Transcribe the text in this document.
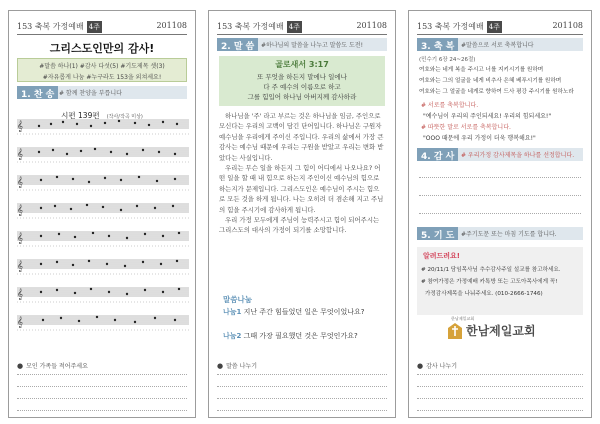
153 축복 가정예배 4주	201108
그리스도인만의 감사!
#말씀 하나(1) #감사 다섯(5) #기도제목 셋(3)
#자유롭게 나눔 #누구라도 153을 외쳐세요!
1. 찬 송 # 함께 찬양을 부릅니다
시편 139편 (작사/작곡 미상)
𝄞
𝄞
𝄞
𝄞
𝄞
𝄞
𝄞
𝄞
● 모인 가족들 적어주세요
153 축복 가정예배 4주	201108
2. 말 씀	#하나님의 말씀을 나누고 말씀도 도전!
골로새서 3:17
또 무엇을 하든지 말에나 일에나
다 주 예수의 이름으로 하고
그를 힘입어 하나님 아버지께 감사하라

하나님을 '주' 라고 부르는 것은 하나님을 임금, 주인으로 모신다는 우리의 고백이 담긴 단어입니다. 하나님은 구원자 예수님을 우리에게 주이신 주입니다. 우리의 삶에서 가장 큰 감사는 예수님 때문에 우리는 구원을 받았고 우리는 변화 받았다는 사실입니다.

우리는 무슨 일을 하든지 그 힘이 어디에서 나오나요? 어떤 일을 할 때 내 힘으로 하는지 주인이신 예수님의 힘으로 하는지가 문제입니다. 그리스도인은 예수님이 주시는 힘으로 모든 것을 하게 됩니다. 나는 오히려 더 겸손해 지고 주님의 힘을 주시기에 감사하게 됩니다.

우리 가정 모두에게 주님이 능력주시고 힘이 되어주시는 그리스도의 대사의 가정이 되기를 소망합니다.

말씀나눔
나눔1 지난 주간 힘들었던 일은 무엇이었나요?
나눔2 그때 가장 필요했던 것은 무엇인가요?
● 말씀 나누기
153 축복 가정예배 4주	201108
3. 축 복	#말씀으로 서로 축복합니다
(민수기 6장 24~26절)
여호와는 네게 복을 주시고 너를 지키시기를 원하며
여호와는 그의 얼굴을 네게 비추사 은혜 베푸시기를 원하며
여호와는 그 얼굴을 네게로 향하여 드사 평강 주시기를 원하노라
# 서로를 축복합니다.
"예수님이 우리의 주인되세요! 우리의 힘되세요!"
# 따뜻한 말로 서로를 축복합니다.
"OOO 때문에 우리 가정이 더욱 행복해요!"
4. 감 사	# 우리가정 감사제목을 하나를 선정합니다.
5. 기 도	#주기도문 또는 마침 기도를 합니다.
알려드려요!
# 20/11/1 담임목사님 추수감사주일 설교를 참고하세요.
# 참여가정은 가정예배 카톡방 또는 고도아목사에게 꼭!
가정감사제목을 나눠주세요. (010-2666-1746)
한남제일교회
한남제일교회
● 감사 나누기
